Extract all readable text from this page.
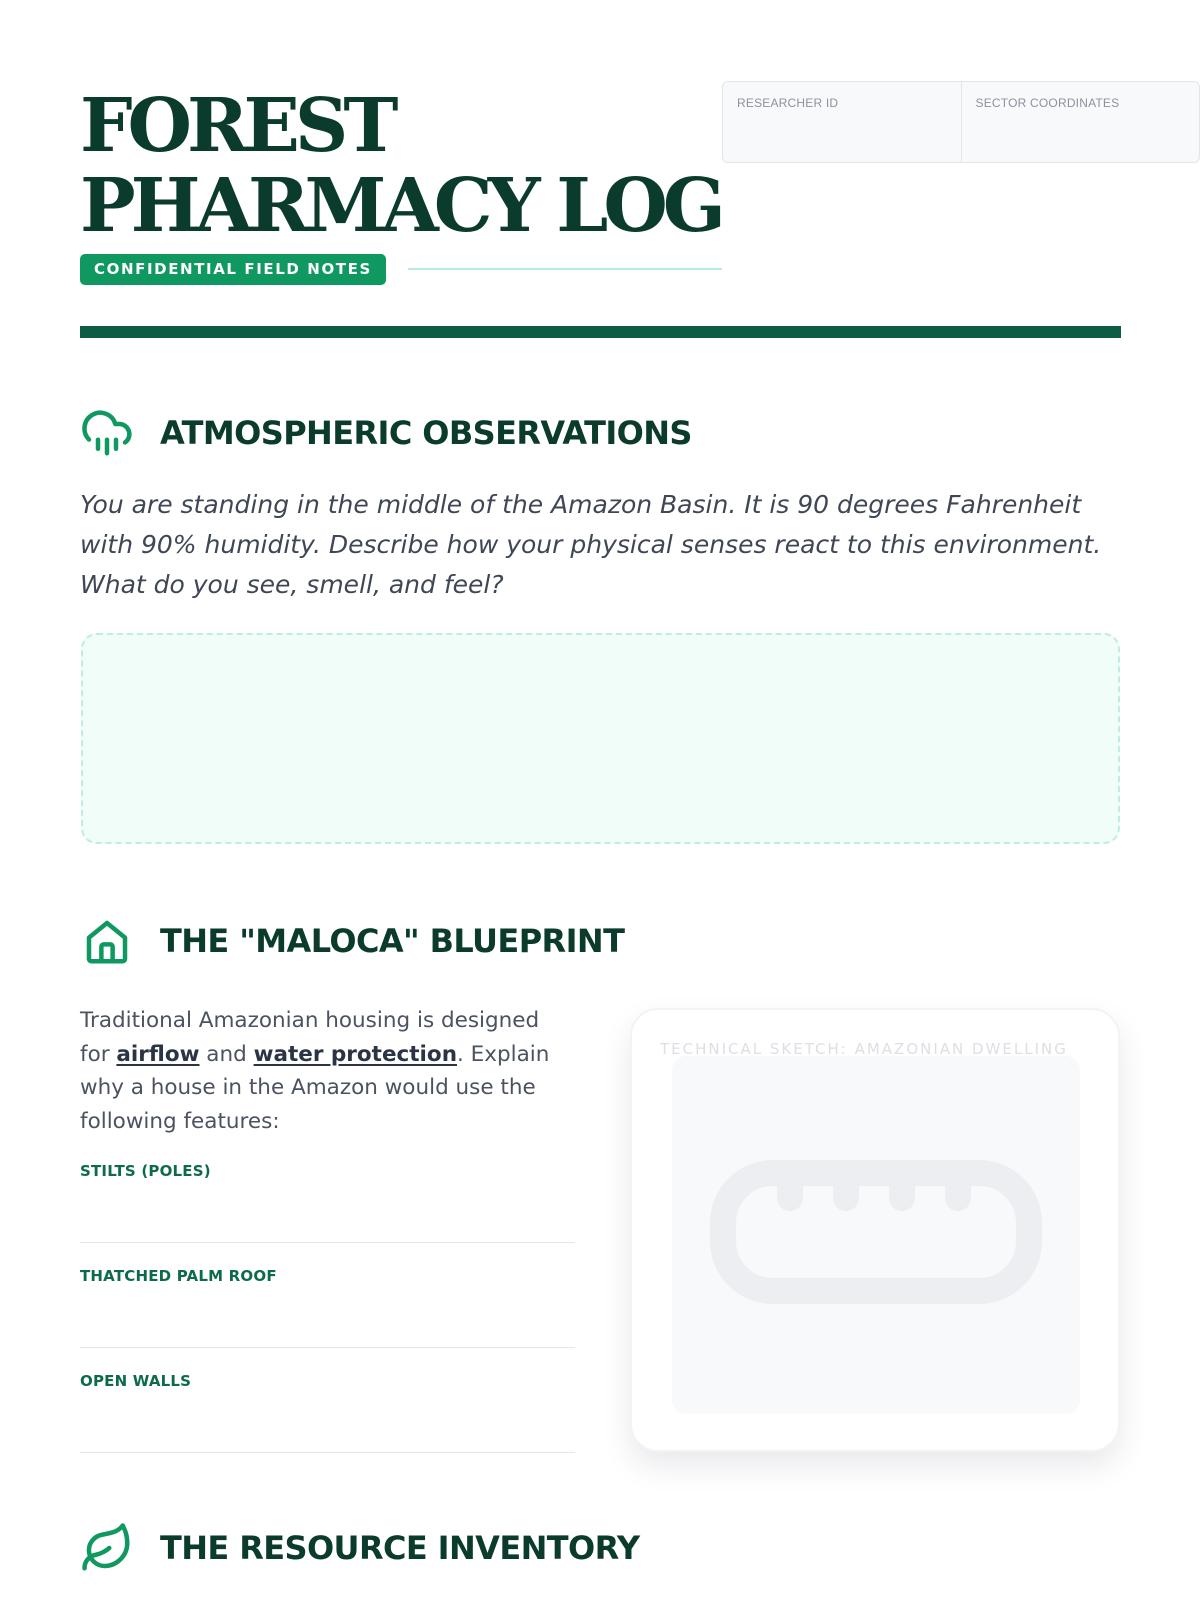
FOREST
PHARMACY LOG
CONFIDENTIAL FIELD NOTES
RESEARCHER ID	SECTOR COORDINATES
ATMOSPHERIC OBSERVATIONS

You are standing in the middle of the Amazon Basin. It is 90 degrees Fahrenheit with 90% humidity. Describe how your physical senses react to this environment. What do you see, smell, and feel?

THE "MALOCA" BLUEPRINT

Traditional Amazonian housing is designed for airflow and water protection. Explain why a house in the Amazon would use the following features:

STILTS (POLES)
THATCHED PALM ROOF
OPEN WALLS
TECHNICAL SKETCH: AMAZONIAN DWELLING
THE RESOURCE INVENTORY
